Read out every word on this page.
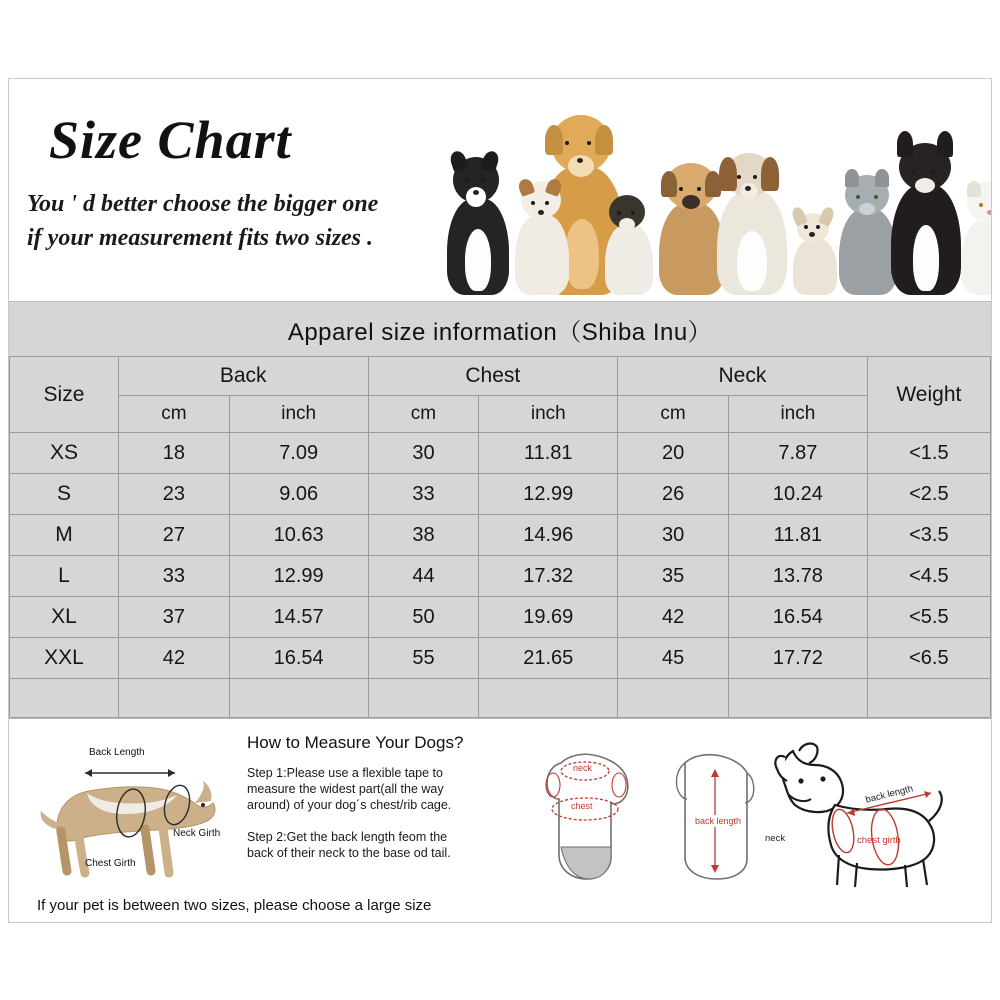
Size Chart
You ' d better choose the bigger one
if your measurement fits two sizes .
Apparel size information（Shiba Inu）
Size	Back		Chest		Neck		Weight
	cm	inch	cm	inch	cm	inch	
XS	18	7.09	30	11.81	20	7.87	<1.5
S	23	9.06	33	12.99	26	10.24	<2.5
M	27	10.63	38	14.96	30	11.81	<3.5
L	33	12.99	44	17.32	35	13.78	<4.5
XL	37	14.57	50	19.69	42	16.54	<5.5
XXL	42	16.54	55	21.65	45	17.72	<6.5

Back Length
Neck Girth
Chest Girth
How to Measure Your Dogs?
Step 1:Please use a flexible tape to measure the widest part(all the way around) of your dog´s chest/rib cage.
Step 2:Get the back length feom the back of their neck to the base od tail.
If your pet is between two sizes, please choose a large size
neck
chest
back length
back length
neck	chest girth
